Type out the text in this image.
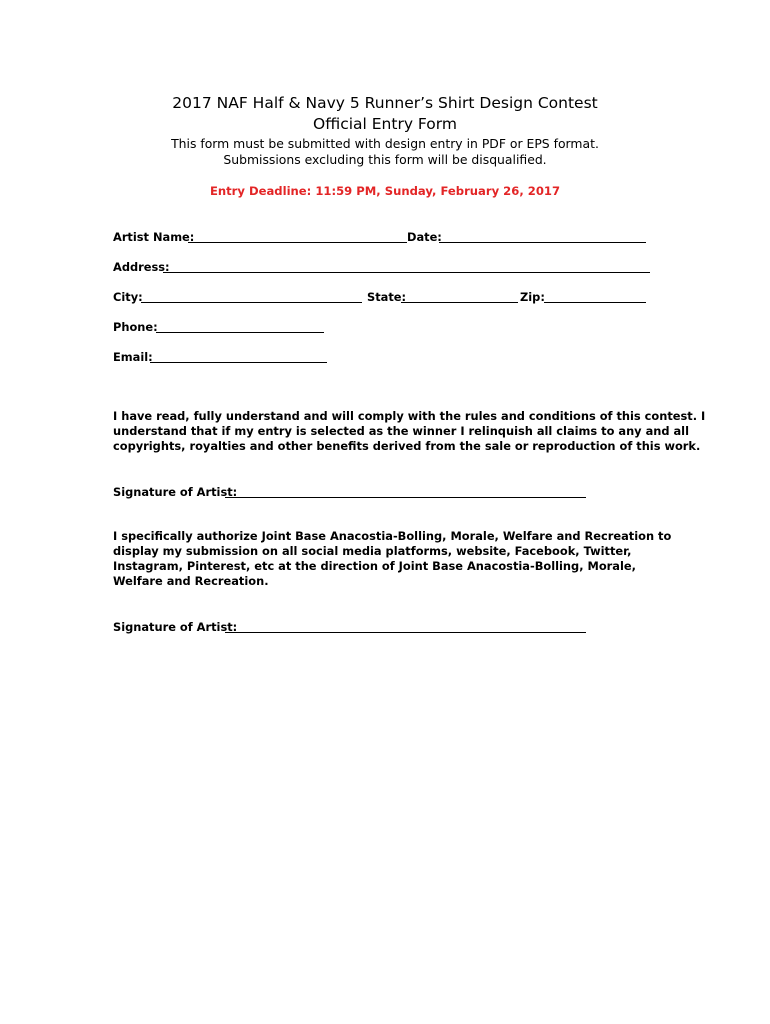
2017 NAF Half & Navy 5 Runner’s Shirt Design Contest
Official Entry Form
This form must be submitted with design entry in PDF or EPS format.
Submissions excluding this form will be disqualified.
Entry Deadline: 11:59 PM, Sunday, February 26, 2017
Artist Name:	Date:
Address:
City:	State:	Zip:
Phone:
Email:
I have read, fully understand and will comply with the rules and conditions of this contest. I
understand that if my entry is selected as the winner I relinquish all claims to any and all
copyrights, royalties and other benefits derived from the sale or reproduction of this work.
Signature of Artist:
I specifically authorize Joint Base Anacostia-Bolling, Morale, Welfare and Recreation to
display my submission on all social media platforms, website, Facebook, Twitter,
Instagram, Pinterest, etc at the direction of Joint Base Anacostia-Bolling, Morale,
Welfare and Recreation.
Signature of Artist:
